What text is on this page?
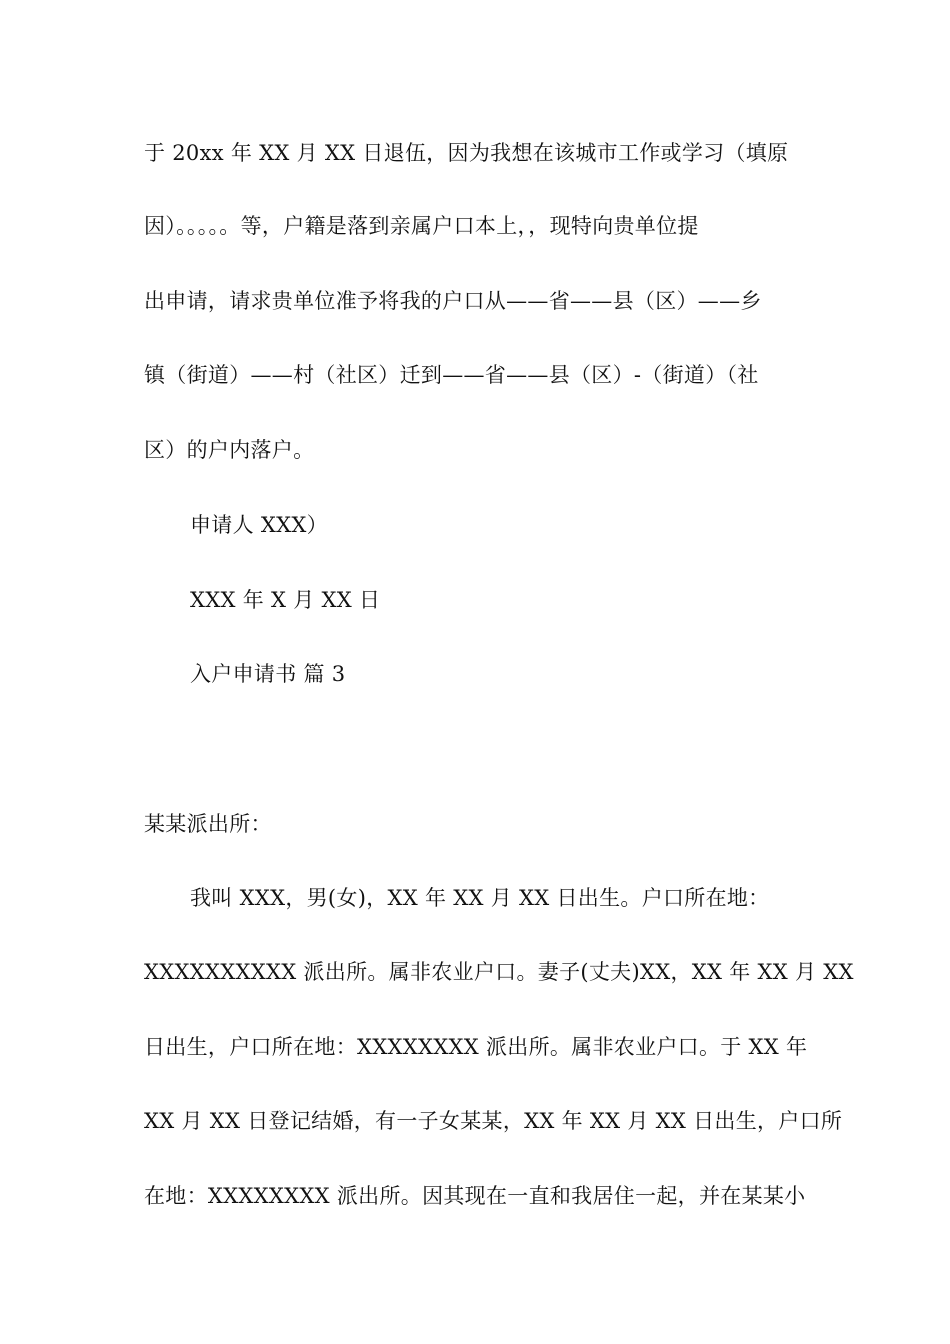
于 20xx 年 XX 月 XX 日退伍，因为我想在该城市工作或学习（填原
因）。。。。。等，户籍是落到亲属户口本上，，现特向贵单位提
出申请，请求贵单位准予将我的户口从——省——县（区）——乡
镇（街道）——村（社区）迁到——省——县（区）-（街道）（社
区）的户内落户。
申请人 XXX）
XXX 年 X 月 XX 日
入户申请书 篇 3
某某派出所：
我叫 XXX，男(女)，XX 年 XX 月 XX 日出生。户口所在地：
XXXXXXXXXX 派出所。属非农业户口。妻子(丈夫)XX，XX 年 XX 月 XX
日出生，户口所在地：XXXXXXXX 派出所。属非农业户口。于 XX 年
XX 月 XX 日登记结婚，有一子女某某，XX 年 XX 月 XX 日出生，户口所
在地：XXXXXXXX 派出所。因其现在一直和我居住一起，并在某某小
